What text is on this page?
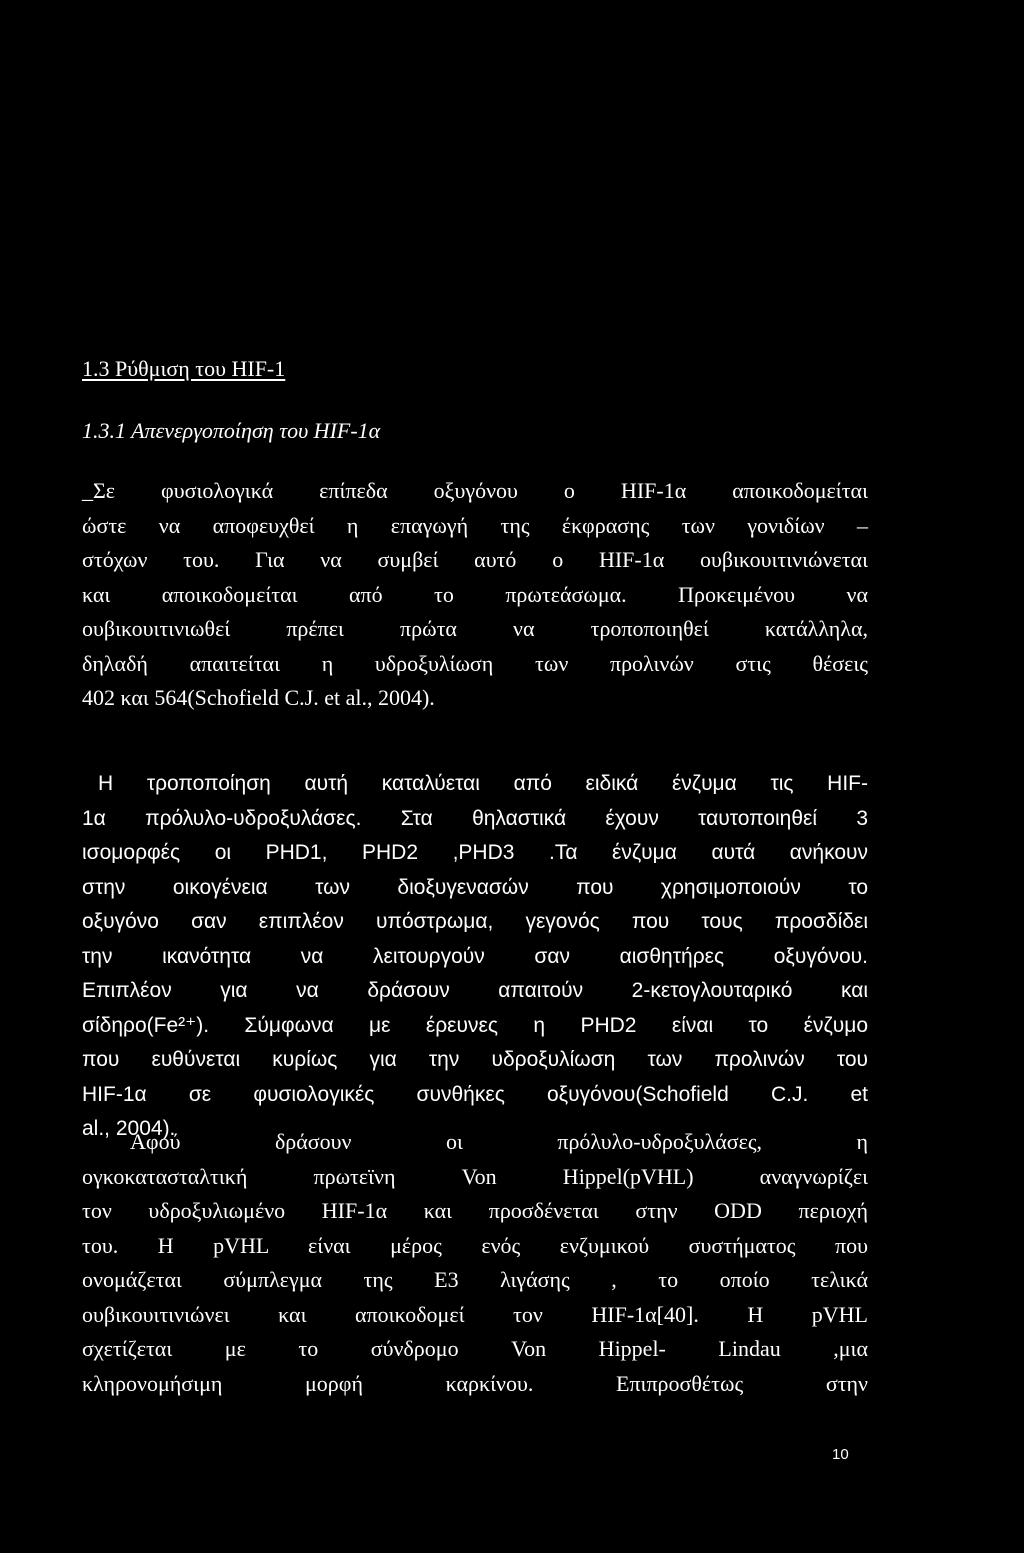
1.3 Ρύθμιση του HIF-1
1.3.1 Απενεργοποίηση του HIF-1α
_Σε φυσιολογικά επίπεδα οξυγόνου ο HIF-1α αποικοδομείται
ώστε να αποφευχθεί η επαγωγή της έκφρασης των γονιδίων –
στόχων του. Για να συμβεί αυτό ο HIF-1α ουβικουιτινιώνεται
και αποικοδομείται από το πρωτεάσωμα. Προκειμένου να
ουβικουιτινιωθεί πρέπει πρώτα να τροποποιηθεί κατάλληλα,
δηλαδή απαιτείται η υδροξυλίωση των προλινών στις θέσεις
402 και 564(Schofield C.J. et al., 2004).
Η τροποποίηση αυτή καταλύεται από ειδικά ένζυμα τις HIF-
1α πρόλυλο-υδροξυλάσες. Στα θηλαστικά έχουν ταυτοποιηθεί 3
ισομορφές οι PHD1, PHD2 ,PHD3 .Τα ένζυμα αυτά ανήκουν
στην οικογένεια των διοξυγενασών που χρησιμοποιούν το
οξυγόνο σαν επιπλέον υπόστρωμα, γεγονός που τους προσδίδει
την ικανότητα να λειτουργούν σαν αισθητήρες οξυγόνου.
Επιπλέον για να δράσουν απαιτούν 2-κετογλουταρικό και
σίδηρο(Fe²⁺). Σύμφωνα με έρευνες η PHD2 είναι το ένζυμο
που ευθύνεται κυρίως για την υδροξυλίωση των προλινών του
HIF-1α σε φυσιολογικές συνθήκες οξυγόνου(Schofield C.J. et
al., 2004).
Αφού δράσουν οι πρόλυλο-υδροξυλάσες, η
ογκοκατασταλτική πρωτεϊνη Von Hippel(pVHL) αναγνωρίζει
τον υδροξυλιωμένο HIF-1α και προσδένεται στην ODD περιοχή
του. Η pVHL είναι μέρος ενός ενζυμικού συστήματος που
ονομάζεται σύμπλεγμα της E3 λιγάσης , το οποίο τελικά
ουβικουιτινιώνει και αποικοδομεί τον HIF-1α[40]. Η pVHL
σχετίζεται με το σύνδρομο Von Hippel- Lindau ,μια
κληρονομήσιμη μορφή καρκίνου. Επιπροσθέτως στην
10
